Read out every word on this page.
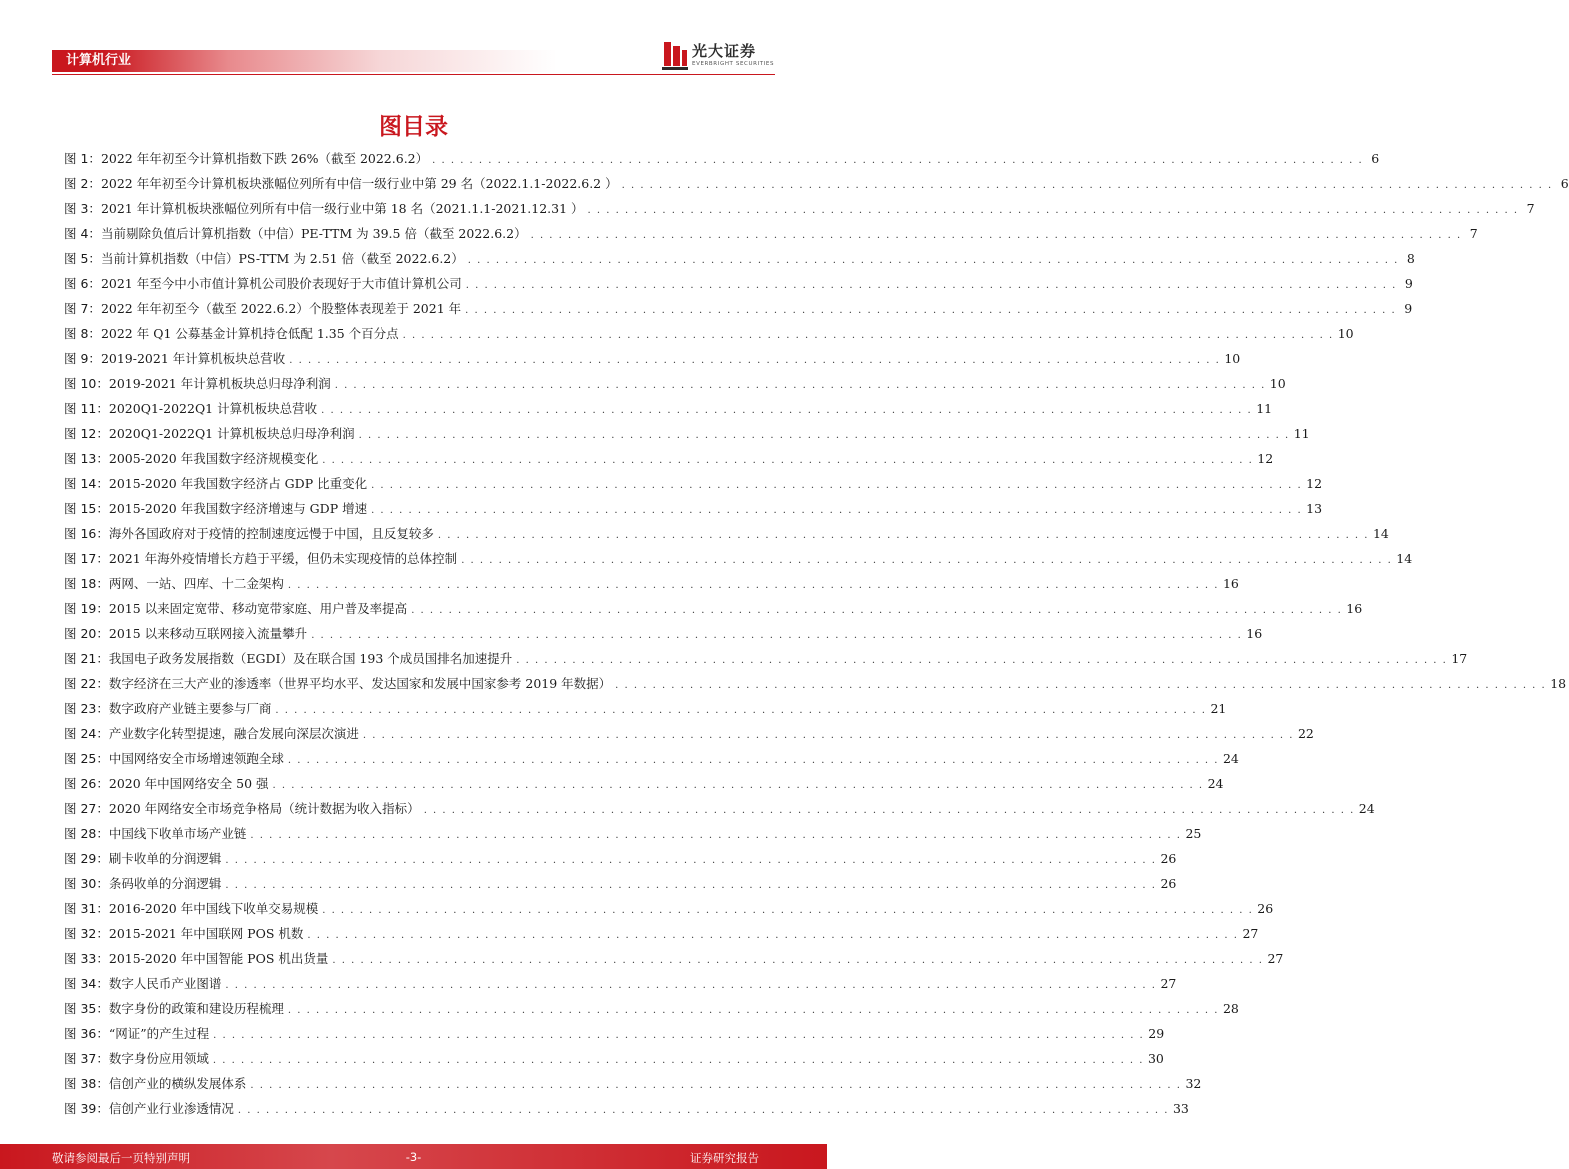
计算机行业
光大证券
EVERBRIGHT SECURITIES
图目录
图 1： 2022 年年初至今计算机指数下跌 26%（截至 2022.6.2） . . . . . . . . . . . . . . . . . . . . . . . . . . . . . . . . . . . . . . . . . . . . . . . . . . . . . . . . . . . . . . . . . . . . . . . . . . . . . . . . . . . . . . . . . . . . . . . . . . . . 6
图 2： 2022 年年初至今计算机板块涨幅位列所有中信一级行业中第 29 名（2022.1.1-2022.6.2 ） . . . . . . . . . . . . . . . . . . . . . . . . . . . . . . . . . . . . . . . . . . . . . . . . . . . . . . . . . . . . . . . . . . . . . . . . . . . . . . . . . . . . . . . . . . . . . . . . . . . . 6
图 3： 2021 年计算机板块涨幅位列所有中信一级行业中第 18 名（2021.1.1-2021.12.31 ） . . . . . . . . . . . . . . . . . . . . . . . . . . . . . . . . . . . . . . . . . . . . . . . . . . . . . . . . . . . . . . . . . . . . . . . . . . . . . . . . . . . . . . . . . . . . . . . . . . . . 7
图 4： 当前剔除负值后计算机指数（中信）PE-TTM 为 39.5 倍（截至 2022.6.2） . . . . . . . . . . . . . . . . . . . . . . . . . . . . . . . . . . . . . . . . . . . . . . . . . . . . . . . . . . . . . . . . . . . . . . . . . . . . . . . . . . . . . . . . . . . . . . . . . . . . 7
图 5： 当前计算机指数（中信）PS-TTM 为 2.51 倍（截至 2022.6.2） . . . . . . . . . . . . . . . . . . . . . . . . . . . . . . . . . . . . . . . . . . . . . . . . . . . . . . . . . . . . . . . . . . . . . . . . . . . . . . . . . . . . . . . . . . . . . . . . . . . . 8
图 6： 2021 年至今中小市值计算机公司股价表现好于大市值计算机公司 . . . . . . . . . . . . . . . . . . . . . . . . . . . . . . . . . . . . . . . . . . . . . . . . . . . . . . . . . . . . . . . . . . . . . . . . . . . . . . . . . . . . . . . . . . . . . . . . . . . . 9
图 7： 2022 年年初至今（截至 2022.6.2）个股整体表现差于 2021 年 . . . . . . . . . . . . . . . . . . . . . . . . . . . . . . . . . . . . . . . . . . . . . . . . . . . . . . . . . . . . . . . . . . . . . . . . . . . . . . . . . . . . . . . . . . . . . . . . . . . . 9
图 8： 2022 年 Q1 公募基金计算机持仓低配 1.35 个百分点 . . . . . . . . . . . . . . . . . . . . . . . . . . . . . . . . . . . . . . . . . . . . . . . . . . . . . . . . . . . . . . . . . . . . . . . . . . . . . . . . . . . . . . . . . . . . . . . . . . . . 10
图 9： 2019-2021 年计算机板块总营收 . . . . . . . . . . . . . . . . . . . . . . . . . . . . . . . . . . . . . . . . . . . . . . . . . . . . . . . . . . . . . . . . . . . . . . . . . . . . . . . . . . . . . . . . . . . . . . . . . . . . 10
图 10： 2019-2021 年计算机板块总归母净利润 . . . . . . . . . . . . . . . . . . . . . . . . . . . . . . . . . . . . . . . . . . . . . . . . . . . . . . . . . . . . . . . . . . . . . . . . . . . . . . . . . . . . . . . . . . . . . . . . . . . . 10
图 11： 2020Q1-2022Q1 计算机板块总营收 . . . . . . . . . . . . . . . . . . . . . . . . . . . . . . . . . . . . . . . . . . . . . . . . . . . . . . . . . . . . . . . . . . . . . . . . . . . . . . . . . . . . . . . . . . . . . . . . . . . . 11
图 12： 2020Q1-2022Q1 计算机板块总归母净利润 . . . . . . . . . . . . . . . . . . . . . . . . . . . . . . . . . . . . . . . . . . . . . . . . . . . . . . . . . . . . . . . . . . . . . . . . . . . . . . . . . . . . . . . . . . . . . . . . . . . . 11
图 13： 2005-2020 年我国数字经济规模变化 . . . . . . . . . . . . . . . . . . . . . . . . . . . . . . . . . . . . . . . . . . . . . . . . . . . . . . . . . . . . . . . . . . . . . . . . . . . . . . . . . . . . . . . . . . . . . . . . . . . . 12
图 14： 2015-2020 年我国数字经济占 GDP 比重变化 . . . . . . . . . . . . . . . . . . . . . . . . . . . . . . . . . . . . . . . . . . . . . . . . . . . . . . . . . . . . . . . . . . . . . . . . . . . . . . . . . . . . . . . . . . . . . . . . . . . . 12
图 15： 2015-2020 年我国数字经济增速与 GDP 增速 . . . . . . . . . . . . . . . . . . . . . . . . . . . . . . . . . . . . . . . . . . . . . . . . . . . . . . . . . . . . . . . . . . . . . . . . . . . . . . . . . . . . . . . . . . . . . . . . . . . . 13
图 16： 海外各国政府对于疫情的控制速度远慢于中国，且反复较多 . . . . . . . . . . . . . . . . . . . . . . . . . . . . . . . . . . . . . . . . . . . . . . . . . . . . . . . . . . . . . . . . . . . . . . . . . . . . . . . . . . . . . . . . . . . . . . . . . . . . 14
图 17： 2021 年海外疫情增长方趋于平缓，但仍未实现疫情的总体控制 . . . . . . . . . . . . . . . . . . . . . . . . . . . . . . . . . . . . . . . . . . . . . . . . . . . . . . . . . . . . . . . . . . . . . . . . . . . . . . . . . . . . . . . . . . . . . . . . . . . . 14
图 18： 两网、一站、四库、十二金架构 . . . . . . . . . . . . . . . . . . . . . . . . . . . . . . . . . . . . . . . . . . . . . . . . . . . . . . . . . . . . . . . . . . . . . . . . . . . . . . . . . . . . . . . . . . . . . . . . . . . . 16
图 19： 2015 以来固定宽带、移动宽带家庭、用户普及率提高 . . . . . . . . . . . . . . . . . . . . . . . . . . . . . . . . . . . . . . . . . . . . . . . . . . . . . . . . . . . . . . . . . . . . . . . . . . . . . . . . . . . . . . . . . . . . . . . . . . . . 16
图 20： 2015 以来移动互联网接入流量攀升 . . . . . . . . . . . . . . . . . . . . . . . . . . . . . . . . . . . . . . . . . . . . . . . . . . . . . . . . . . . . . . . . . . . . . . . . . . . . . . . . . . . . . . . . . . . . . . . . . . . . 16
图 21： 我国电子政务发展指数（EGDI）及在联合国 193 个成员国排名加速提升 . . . . . . . . . . . . . . . . . . . . . . . . . . . . . . . . . . . . . . . . . . . . . . . . . . . . . . . . . . . . . . . . . . . . . . . . . . . . . . . . . . . . . . . . . . . . . . . . . . . . 17
图 22： 数字经济在三大产业的渗透率（世界平均水平、发达国家和发展中国家参考 2019 年数据） . . . . . . . . . . . . . . . . . . . . . . . . . . . . . . . . . . . . . . . . . . . . . . . . . . . . . . . . . . . . . . . . . . . . . . . . . . . . . . . . . . . . . . . . . . . . . . . . . . . . 18
图 23： 数字政府产业链主要参与厂商 . . . . . . . . . . . . . . . . . . . . . . . . . . . . . . . . . . . . . . . . . . . . . . . . . . . . . . . . . . . . . . . . . . . . . . . . . . . . . . . . . . . . . . . . . . . . . . . . . . . . 21
图 24： 产业数字化转型提速，融合发展向深层次演进 . . . . . . . . . . . . . . . . . . . . . . . . . . . . . . . . . . . . . . . . . . . . . . . . . . . . . . . . . . . . . . . . . . . . . . . . . . . . . . . . . . . . . . . . . . . . . . . . . . . . 22
图 25： 中国网络安全市场增速领跑全球 . . . . . . . . . . . . . . . . . . . . . . . . . . . . . . . . . . . . . . . . . . . . . . . . . . . . . . . . . . . . . . . . . . . . . . . . . . . . . . . . . . . . . . . . . . . . . . . . . . . . 24
图 26： 2020 年中国网络安全 50 强 . . . . . . . . . . . . . . . . . . . . . . . . . . . . . . . . . . . . . . . . . . . . . . . . . . . . . . . . . . . . . . . . . . . . . . . . . . . . . . . . . . . . . . . . . . . . . . . . . . . . 24
图 27： 2020 年网络安全市场竞争格局（统计数据为收入指标） . . . . . . . . . . . . . . . . . . . . . . . . . . . . . . . . . . . . . . . . . . . . . . . . . . . . . . . . . . . . . . . . . . . . . . . . . . . . . . . . . . . . . . . . . . . . . . . . . . . . 24
图 28： 中国线下收单市场产业链 . . . . . . . . . . . . . . . . . . . . . . . . . . . . . . . . . . . . . . . . . . . . . . . . . . . . . . . . . . . . . . . . . . . . . . . . . . . . . . . . . . . . . . . . . . . . . . . . . . . . 25
图 29： 刷卡收单的分润逻辑 . . . . . . . . . . . . . . . . . . . . . . . . . . . . . . . . . . . . . . . . . . . . . . . . . . . . . . . . . . . . . . . . . . . . . . . . . . . . . . . . . . . . . . . . . . . . . . . . . . . . 26
图 30： 条码收单的分润逻辑 . . . . . . . . . . . . . . . . . . . . . . . . . . . . . . . . . . . . . . . . . . . . . . . . . . . . . . . . . . . . . . . . . . . . . . . . . . . . . . . . . . . . . . . . . . . . . . . . . . . . 26
图 31： 2016-2020 年中国线下收单交易规模 . . . . . . . . . . . . . . . . . . . . . . . . . . . . . . . . . . . . . . . . . . . . . . . . . . . . . . . . . . . . . . . . . . . . . . . . . . . . . . . . . . . . . . . . . . . . . . . . . . . . 26
图 32： 2015-2021 年中国联网 POS 机数 . . . . . . . . . . . . . . . . . . . . . . . . . . . . . . . . . . . . . . . . . . . . . . . . . . . . . . . . . . . . . . . . . . . . . . . . . . . . . . . . . . . . . . . . . . . . . . . . . . . . 27
图 33： 2015-2020 年中国智能 POS 机出货量 . . . . . . . . . . . . . . . . . . . . . . . . . . . . . . . . . . . . . . . . . . . . . . . . . . . . . . . . . . . . . . . . . . . . . . . . . . . . . . . . . . . . . . . . . . . . . . . . . . . . 27
图 34： 数字人民币产业图谱 . . . . . . . . . . . . . . . . . . . . . . . . . . . . . . . . . . . . . . . . . . . . . . . . . . . . . . . . . . . . . . . . . . . . . . . . . . . . . . . . . . . . . . . . . . . . . . . . . . . . 27
图 35： 数字身份的政策和建设历程梳理 . . . . . . . . . . . . . . . . . . . . . . . . . . . . . . . . . . . . . . . . . . . . . . . . . . . . . . . . . . . . . . . . . . . . . . . . . . . . . . . . . . . . . . . . . . . . . . . . . . . . 28
图 36： “网证”的产生过程 . . . . . . . . . . . . . . . . . . . . . . . . . . . . . . . . . . . . . . . . . . . . . . . . . . . . . . . . . . . . . . . . . . . . . . . . . . . . . . . . . . . . . . . . . . . . . . . . . . . . 29
图 37： 数字身份应用领域 . . . . . . . . . . . . . . . . . . . . . . . . . . . . . . . . . . . . . . . . . . . . . . . . . . . . . . . . . . . . . . . . . . . . . . . . . . . . . . . . . . . . . . . . . . . . . . . . . . . . 30
图 38： 信创产业的横纵发展体系 . . . . . . . . . . . . . . . . . . . . . . . . . . . . . . . . . . . . . . . . . . . . . . . . . . . . . . . . . . . . . . . . . . . . . . . . . . . . . . . . . . . . . . . . . . . . . . . . . . . . 32
图 39： 信创产业行业渗透情况 . . . . . . . . . . . . . . . . . . . . . . . . . . . . . . . . . . . . . . . . . . . . . . . . . . . . . . . . . . . . . . . . . . . . . . . . . . . . . . . . . . . . . . . . . . . . . . . . . . . . 33
敬请参阅最后一页特别声明	-3-	证券研究报告
